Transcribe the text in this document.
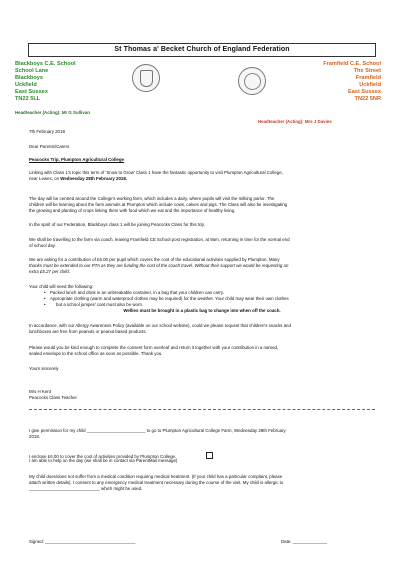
St Thomas a' Becket Church of England Federation
Blackboys C.E. School
School Lane
Blackboys
Uckfield
East Sussex
TN22 5LL
Framfield C.E. School
The Street
Framfield
Uckfield
East Sussex
TN22 5NR
Headteacher (Acting): Mr G Sullivan
Headteacher (Acting): Mrs J Davies
7th February 2018
Dear Parents/Carers
Peacocks Trip, Plumpton Agricultural College
Linking with Class 1's topic this term of 'Snow to Grow' Class 1 have the fantastic opportunity to visit Plumpton Agricultural College,
near Lewes, on Wednesday 28th February 2018.
The day will be centred around the College's working farm, which includes a dairy, where pupils will visit the milking parlor. The
children will be learning about the farm animals at Plumpton which include cows, calves and pigs. The Class will also be investigating
the growing and planting of crops linking them with food which we eat and the importance of healthy living.
In the spirit of our Federation, Blackboys class 1 will be joining Peacocks Class for this trip.
We shall be travelling to the farm via coach, leaving Framfield CE School post registration, at 9am, returning in time for the normal end
of school day.
We are asking for a contribution of £6.00 per pupil which covers the cost of the educational activities supplied by Plumpton. Many
thanks must be extended to our PTA as they are funding the cost of the coach travel. Without their support we would be requesting an
extra £5.27 per child.
Your child will need the following:
• Packed lunch and drink in an unbreakable container, in a bag that your children can carry.
• Appropriate clothing (warm and waterproof clothes may be required) for the weather. Your child may wear their own clothes
• but a school jumper/ coat must also be worn.
Wellies must be brought in a plastic bag to change into when off the coach.
In accordance, with our Allergy Awareness Policy (available on our school website), could we please request that children's snacks and
lunchboxes are free from peanuts or peanut based products.
Please would you be kind enough to complete the consent form overleaf and return it together with your contribution in a named,
sealed envelope to the school office as soon as possible. Thank you.
Yours sincerely
Mrs H Kent
Peacocks Class Teacher
I give permission for my child ________________________ to go to Plumpton Agricultural College Farm, Wednesday 28th February
2018.
I enclose £6.00 to cover the cost of activities provided by Plumpton College.
I am able to help on the day (we shall be in contact via ParentMail message)
My child does/does not suffer from a medical condition requiring medical treatment. (If your child has a particular complaint, please
attach written details). I consent to any emergency medical treatment necessary during the course of the visit. My child is allergic to
_____________________________ which might be used.
Signed: _____________________________________	Date: ______________
